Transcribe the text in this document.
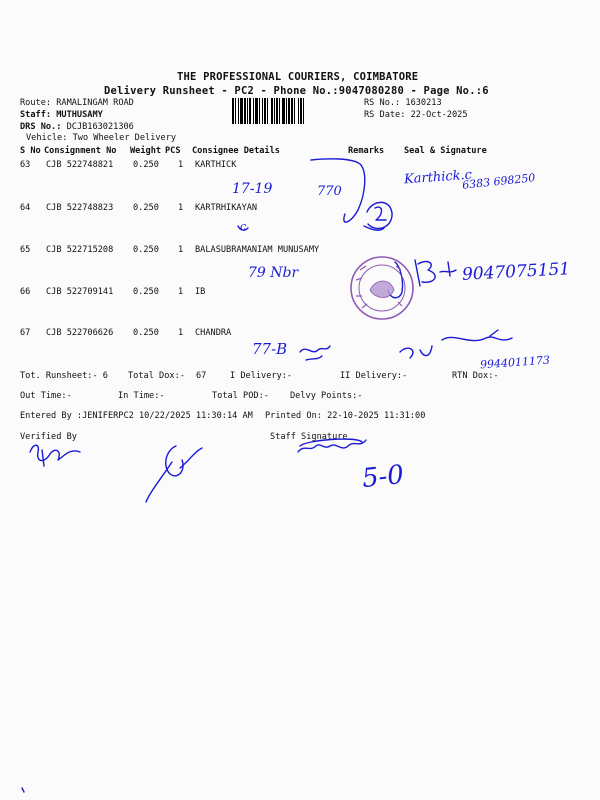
THE PROFESSIONAL COURIERS, COIMBATORE
Delivery Runsheet - PC2 - Phone No.:9047080280 - Page No.:6
Route: RAMALINGAM ROAD
Staff: MUTHUSAMY
DRS No.: DCJB163021306
Vehicle: Two Wheeler Delivery
RS No.: 1630213
RS Date: 22-Oct-2025
S No Consignment No Weight PCS Consignee Details	Remarks Seal & Signature
63 CJB 522748821 0.250 1 KARTHICK
64 CJB 522748823 0.250 1 KARTRHIKAYAN
65 CJB 522715208 0.250 1 BALASUBRAMANIAM MUNUSAMY
66 CJB 522709141 0.250 1 IB
67 CJB 522706626 0.250 1 CHANDRA
Tot. Runsheet:- 6 Total Dox:- 67	I Delivery:-	II Delivery:-	RTN Dox:-
Out Time:-	In Time:-	Total POD:- Delvy Points:-
Entered By :JENIFERPC2 10/22/2025 11:30:14 AM Printed On: 22-10-2025 11:31:00
Verified By	Staff Signature
Karthick.c
6383 698250
17-19	770
c
79 Nbr	9047075151
77-B
9944011173
5-0
